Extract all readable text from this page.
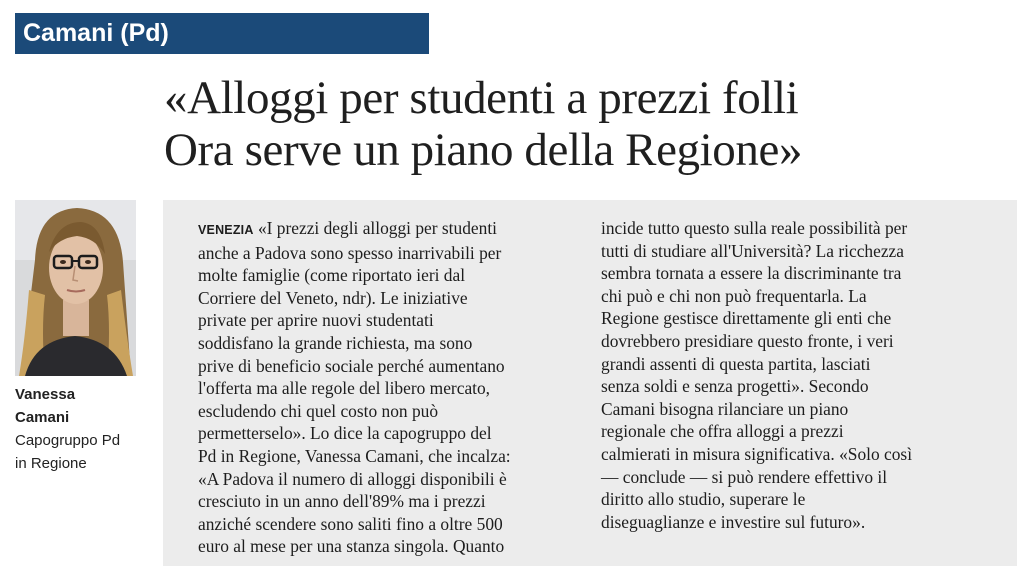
Camani (Pd)
«Alloggi per studenti a prezzi folli
Ora serve un piano della Regione»
Vanessa
Camani
Capogruppo Pd
in Regione
VENEZIA «I prezzi degli alloggi per studenti
anche a Padova sono spesso inarrivabili per
molte famiglie (come riportato ieri dal
Corriere del Veneto, ndr). Le iniziative
private per aprire nuovi studentati
soddisfano la grande richiesta, ma sono
prive di beneficio sociale perché aumentano
l'offerta ma alle regole del libero mercato,
escludendo chi quel costo non può
permetterselo». Lo dice la capogruppo del
Pd in Regione, Vanessa Camani, che incalza:
«A Padova il numero di alloggi disponibili è
cresciuto in un anno dell'89% ma i prezzi
anziché scendere sono saliti fino a oltre 500
euro al mese per una stanza singola. Quanto
incide tutto questo sulla reale possibilità per
tutti di studiare all'Università? La ricchezza
sembra tornata a essere la discriminante tra
chi può e chi non può frequentarla. La
Regione gestisce direttamente gli enti che
dovrebbero presidiare questo fronte, i veri
grandi assenti di questa partita, lasciati
senza soldi e senza progetti». Secondo
Camani bisogna rilanciare un piano
regionale che offra alloggi a prezzi
calmierati in misura significativa. «Solo così
— conclude — si può rendere effettivo il
diritto allo studio, superare le
diseguaglianze e investire sul futuro».
